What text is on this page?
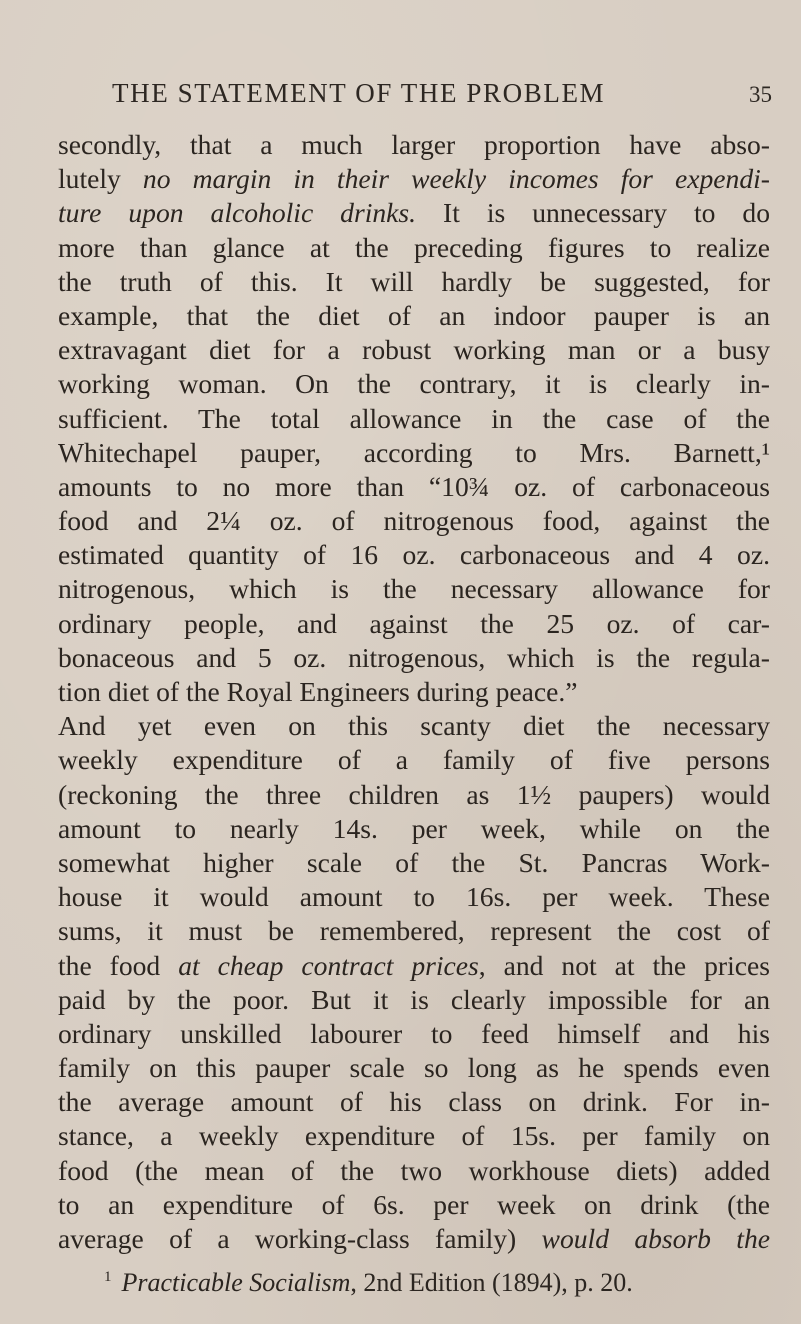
THE STATEMENT OF THE PROBLEM	35
secondly, that a much larger proportion have abso-
lutely no margin in their weekly incomes for expendi-
ture upon alcoholic drinks. It is unnecessary to do
more than glance at the preceding figures to realize
the truth of this. It will hardly be suggested, for
example, that the diet of an indoor pauper is an
extravagant diet for a robust working man or a busy
working woman. On the contrary, it is clearly in-
sufficient. The total allowance in the case of the
Whitechapel pauper, according to Mrs. Barnett,¹
amounts to no more than “10¾ oz. of carbonaceous
food and 2¼ oz. of nitrogenous food, against the
estimated quantity of 16 oz. carbonaceous and 4 oz.
nitrogenous, which is the necessary allowance for
ordinary people, and against the 25 oz. of car-
bonaceous and 5 oz. nitrogenous, which is the regula-
tion diet of the Royal Engineers during peace.”
And yet even on this scanty diet the necessary
weekly expenditure of a family of five persons
(reckoning the three children as 1½ paupers) would
amount to nearly 14s. per week, while on the
somewhat higher scale of the St. Pancras Work-
house it would amount to 16s. per week. These
sums, it must be remembered, represent the cost of
the food at cheap contract prices, and not at the prices
paid by the poor. But it is clearly impossible for an
ordinary unskilled labourer to feed himself and his
family on this pauper scale so long as he spends even
the average amount of his class on drink. For in-
stance, a weekly expenditure of 15s. per family on
food (the mean of the two workhouse diets) added
to an expenditure of 6s. per week on drink (the
average of a working-class family) would absorb the
$^1$ Practicable Socialism, 2nd Edition (1894), p. 20.
